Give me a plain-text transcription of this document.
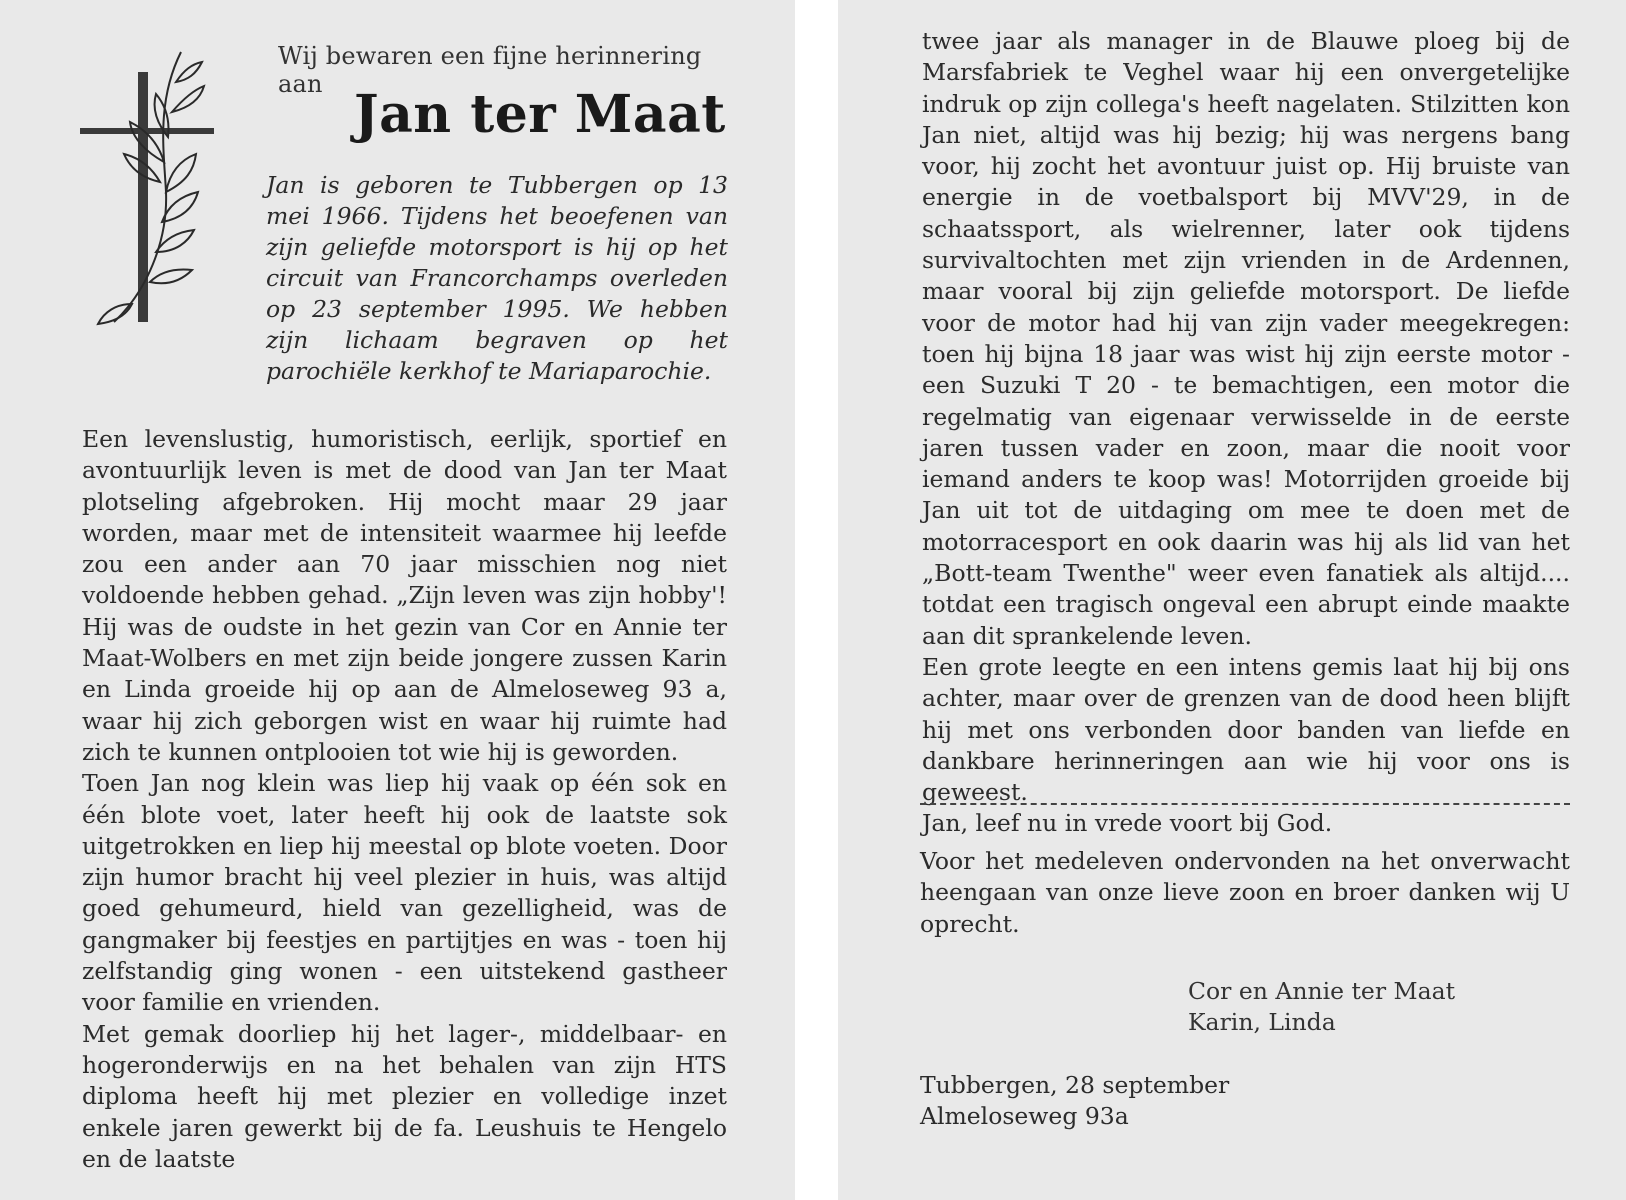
Wij bewaren een fijne herinnering aan Jan ter Maat
Jan is geboren te Tubbergen op 13 mei 1966. Tijdens het beoefenen van zijn geliefde motorsport is hij op het circuit van Francorchamps overleden op 23 september 1995. We hebben zijn lichaam begraven op het parochiële kerkhof te Mariaparochie.

Een levenslustig, humoristisch, eerlijk, sportief en avontuurlijk leven is met de dood van Jan ter Maat plotseling afgebroken. Hij mocht maar 29 jaar worden, maar met de intensiteit waarmee hij leefde zou een ander aan 70 jaar misschien nog niet voldoende hebben gehad. „Zijn leven was zijn hobby'! Hij was de oudste in het gezin van Cor en Annie ter Maat-Wolbers en met zijn beide jongere zussen Karin en Linda groeide hij op aan de Almeloseweg 93 a, waar hij zich geborgen wist en waar hij ruimte had zich te kunnen ontplooien tot wie hij is geworden.

Toen Jan nog klein was liep hij vaak op één sok en één blote voet, later heeft hij ook de laatste sok uitgetrokken en liep hij meestal op blote voeten. Door zijn humor bracht hij veel plezier in huis, was altijd goed gehumeurd, hield van gezelligheid, was de gangmaker bij feestjes en partijtjes en was - toen hij zelfstandig ging wonen - een uitstekend gastheer voor familie en vrienden.

Met gemak doorliep hij het lager-, middelbaar- en hogeronderwijs en na het behalen van zijn HTS diploma heeft hij met plezier en volledige inzet enkele jaren gewerkt bij de fa. Leushuis te Hengelo en de laatste

twee jaar als manager in de Blauwe ploeg bij de Marsfabriek te Veghel waar hij een onvergetelijke indruk op zijn collega's heeft nagelaten. Stilzitten kon Jan niet, altijd was hij bezig; hij was nergens bang voor, hij zocht het avontuur juist op. Hij bruiste van energie in de voetbalsport bij MVV'29, in de schaatssport, als wielrenner, later ook tijdens survivaltochten met zijn vrienden in de Ardennen, maar vooral bij zijn geliefde motorsport. De liefde voor de motor had hij van zijn vader meegekregen: toen hij bijna 18 jaar was wist hij zijn eerste motor - een Suzuki T 20 - te bemachtigen, een motor die regelmatig van eigenaar verwisselde in de eerste jaren tussen vader en zoon, maar die nooit voor iemand anders te koop was! Motorrijden groeide bij Jan uit tot de uitdaging om mee te doen met de motorracesport en ook daarin was hij als lid van het „Bott-team Twenthe" weer even fanatiek als altijd.... totdat een tragisch ongeval een abrupt einde maakte aan dit sprankelende leven.

Een grote leegte en een intens gemis laat hij bij ons achter, maar over de grenzen van de dood heen blijft hij met ons verbonden door banden van liefde en dankbare herinneringen aan wie hij voor ons is geweest.

Jan, leef nu in vrede voort bij God.

Voor het medeleven ondervonden na het onverwacht heengaan van onze lieve zoon en broer danken wij U oprecht.
Cor en Annie ter Maat
Karin, Linda
Tubbergen, 28 september
Almeloseweg 93a
